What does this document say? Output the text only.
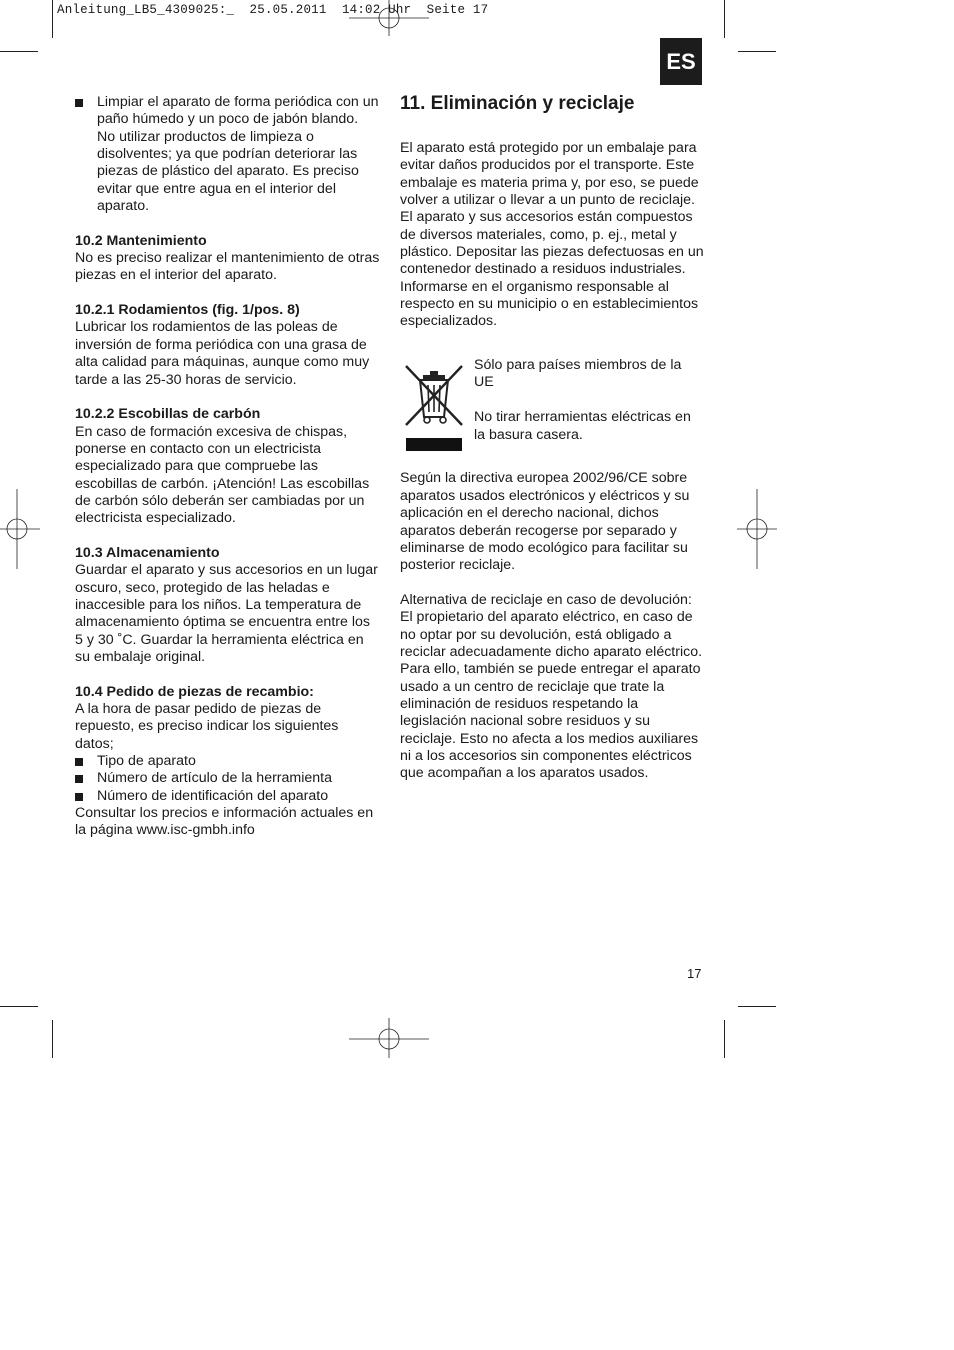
Anleitung_LB5_4309025:_  25.05.2011  14:02 Uhr  Seite 17
ES
Limpiar el aparato de forma periódica con un paño húmedo y un poco de jabón blando. No utilizar productos de limpieza o disolventes; ya que podrían deteriorar las piezas de plástico del aparato. Es preciso evitar que entre agua en el interior del aparato.
10.2 Mantenimiento

No es preciso realizar el mantenimiento de otras piezas en el interior del aparato.

10.2.1 Rodamientos (fig. 1/pos. 8)

Lubricar los rodamientos de las poleas de inversión de forma periódica con una grasa de alta calidad para máquinas, aunque como muy tarde a las 25-30 horas de servicio.

10.2.2 Escobillas de carbón

En caso de formación excesiva de chispas, ponerse en contacto con un electricista especializado para que compruebe las escobillas de carbón. ¡Atención! Las escobillas de carbón sólo deberán ser cambiadas por un electricista especializado.

10.3 Almacenamiento

Guardar el aparato y sus accesorios en un lugar oscuro, seco, protegido de las heladas e inaccesible para los niños. La temperatura de almacenamiento óptima se encuentra entre los 5 y 30 ˚C. Guardar la herramienta eléctrica en su embalaje original.

10.4 Pedido de piezas de recambio:

A la hora de pasar pedido de piezas de repuesto, es preciso indicar los siguientes datos;

Tipo de aparato
Número de artículo de la herramienta
Número de identificación del aparato

Consultar los precios e información actuales en la página www.isc-gmbh.info

11. Eliminación y reciclaje

El aparato está protegido por un embalaje para evitar daños producidos por el transporte. Este embalaje es materia prima y, por eso, se puede volver a utilizar o llevar a un punto de reciclaje. El aparato y sus accesorios están compuestos de diversos materiales, como, p. ej., metal y plástico. Depositar las piezas defectuosas en un contenedor destinado a residuos industriales. Informarse en el organismo responsable al respecto en su municipio o en establecimientos especializados.

Sólo para países miembros de la UE

No tirar herramientas eléctricas en la basura casera.

Según la directiva europea 2002/96/CE sobre aparatos usados electrónicos y eléctricos y su aplicación en el derecho nacional, dichos aparatos deberán recogerse por separado y eliminarse de modo ecológico para facilitar su posterior reciclaje.

Alternativa de reciclaje en caso de devolución: El propietario del aparato eléctrico, en caso de no optar por su devolución, está obligado a reciclar adecuadamente dicho aparato eléctrico. Para ello, también se puede entregar el aparato usado a un centro de reciclaje que trate la eliminación de residuos respetando la legislación nacional sobre residuos y su reciclaje. Esto no afecta a los medios auxiliares ni a los accesorios sin componentes eléctricos que acompañan a los aparatos usados.

17
